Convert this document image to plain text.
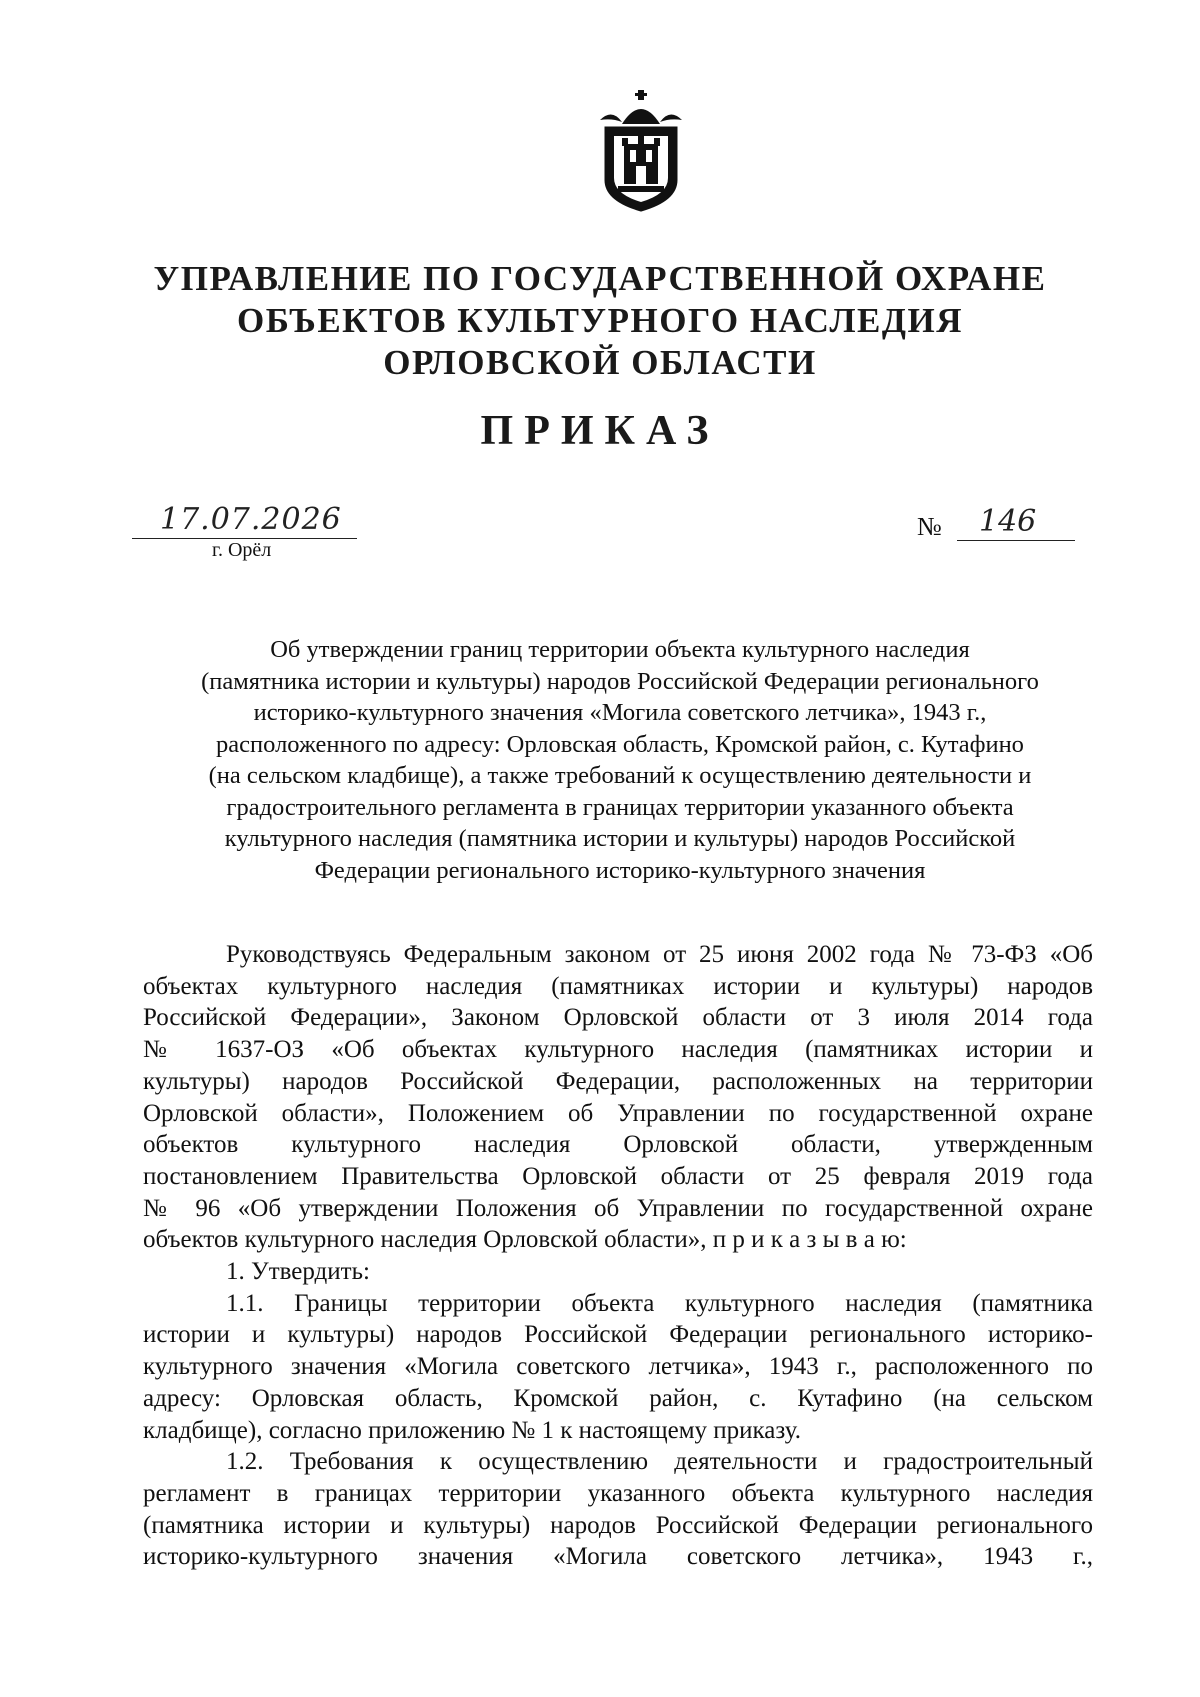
УПРАВЛЕНИЕ ПО ГОСУДАРСТВЕННОЙ ОХРАНЕ
ОБЪЕКТОВ КУЛЬТУРНОГО НАСЛЕДИЯ
ОРЛОВСКОЙ ОБЛАСТИ
ПРИКАЗ
17.07.2026
г. Орёл
№ 146
Об утверждении границ территории объекта культурного наследия
(памятника истории и культуры) народов Российской Федерации регионального
историко-культурного значения «Могила советского летчика», 1943 г.,
расположенного по адресу: Орловская область, Кромской район, с. Кутафино
(на сельском кладбище), а также требований к осуществлению деятельности и
градостроительного регламента в границах территории указанного объекта
культурного наследия (памятника истории и культуры) народов Российской
Федерации регионального историко-культурного значения
Руководствуясь Федеральным законом от 25 июня 2002 года № 73-ФЗ «Об
объектах культурного наследия (памятниках истории и культуры) народов
Российской Федерации», Законом Орловской области от 3 июля 2014 года
№ 1637-ОЗ «Об объектах культурного наследия (памятниках истории и
культуры) народов Российской Федерации, расположенных на территории
Орловской области», Положением об Управлении по государственной охране
объектов культурного наследия Орловской области, утвержденным
постановлением Правительства Орловской области от 25 февраля 2019 года
№ 96 «Об утверждении Положения об Управлении по государственной охране
объектов культурного наследия Орловской области», п р и к а з ы в а ю:
1. Утвердить:
1.1. Границы территории объекта культурного наследия (памятника
истории и культуры) народов Российской Федерации регионального историко-
культурного значения «Могила советского летчика», 1943 г., расположенного по
адресу: Орловская область, Кромской район, с. Кутафино (на сельском
кладбище), согласно приложению № 1 к настоящему приказу.
1.2. Требования к осуществлению деятельности и градостроительный
регламент в границах территории указанного объекта культурного наследия
(памятника истории и культуры) народов Российской Федерации регионального
историко-культурного значения «Могила советского летчика», 1943 г.,
